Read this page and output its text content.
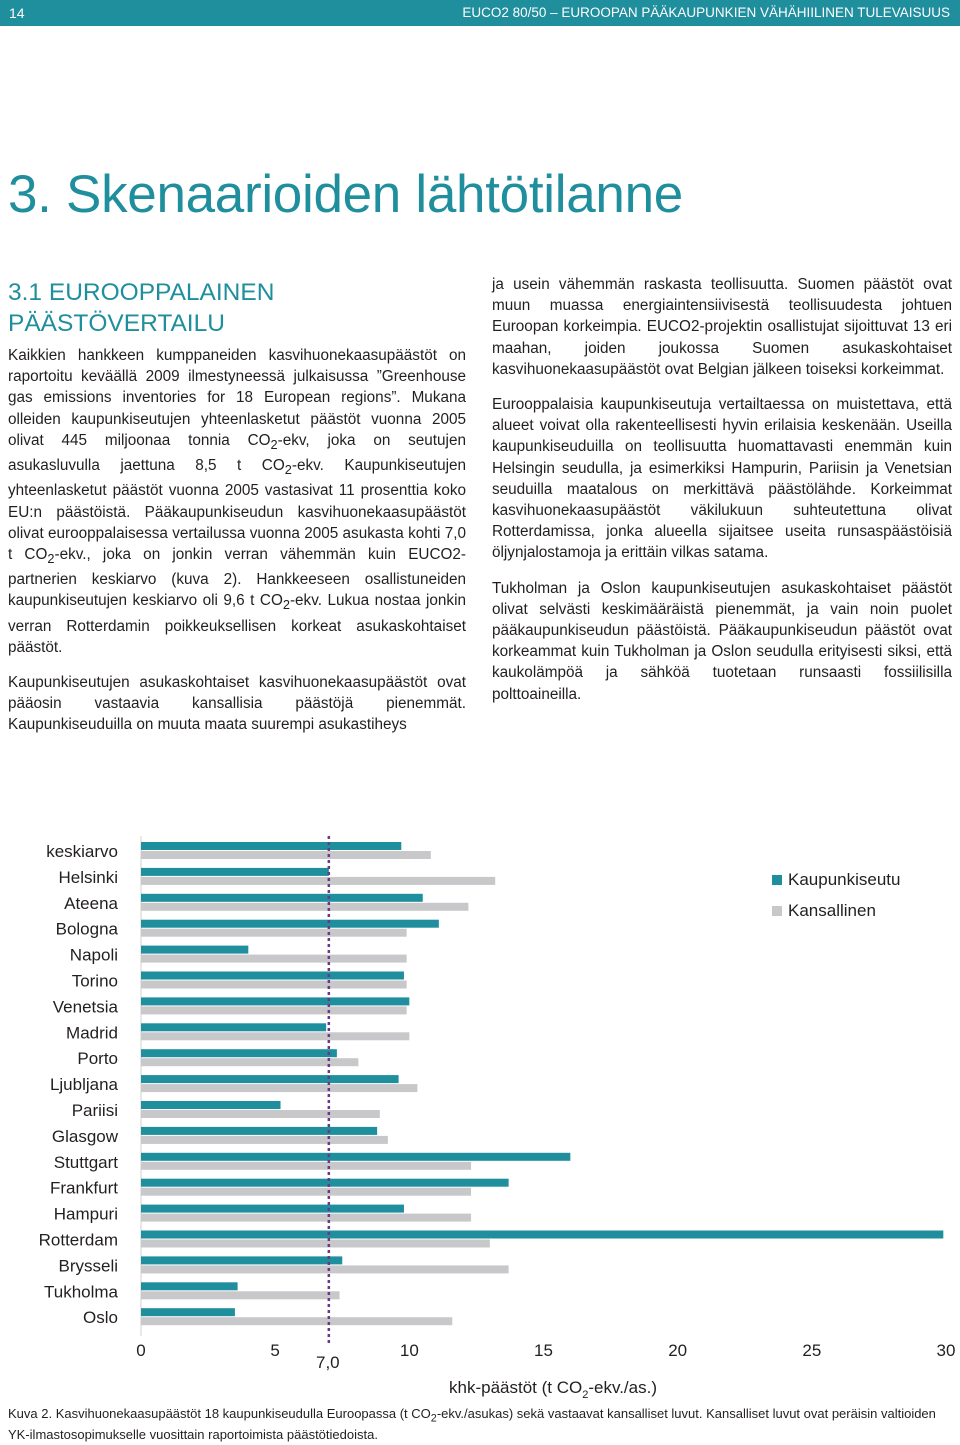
14	EUCO2 80/50 – EUROOPAN PÄÄKAUPUNKIEN VÄHÄHIILINEN TULEVAISUUS
3. Skenaarioiden lähtötilanne
3.1 EUROOPPALAINEN
PÄÄSTÖVERTAILU

Kaikkien hankkeen kumppaneiden kasvihuonekaasupäästöt on raportoitu keväällä 2009 ilmestyneessä julkaisussa ”Greenhouse gas emissions inventories for 18 European regions”. Mukana olleiden kaupunkiseutujen yhteenlasketut päästöt vuonna 2005 olivat 445 miljoonaa tonnia $CO_2$-ekv, joka on seutujen asukasluvulla jaettuna 8,5 t $CO_2$-ekv. Kaupunkiseutujen yhteenlasketut päästöt vuonna 2005 vastasivat 11 prosenttia koko EU:n päästöistä. Pääkaupunkiseudun kasvihuonekaasupäästöt olivat eurooppalaisessa vertailussa vuonna 2005 asukasta kohti 7,0 t $CO_2$-ekv., joka on jonkin verran vähemmän kuin EUCO2-partnerien keskiarvo (kuva 2). Hankkeeseen osallistuneiden kaupunkiseutujen keskiarvo oli 9,6 t $CO_2$-ekv. Lukua nostaa jonkin verran Rotterdamin poikkeuksellisen korkeat asukaskohtaiset päästöt.

Kaupunkiseutujen asukaskohtaiset kasvihuonekaasupäästöt ovat pääosin vastaavia kansallisia päästöjä pienemmät. Kaupunkiseuduilla on muuta maata suurempi asukastiheys

ja usein vähemmän raskasta teollisuutta. Suomen päästöt ovat muun muassa energiaintensiivisestä teollisuudesta johtuen Euroopan korkeimpia. EUCO2-projektin osallistujat sijoittuvat 13 eri maahan, joiden joukossa Suomen asukaskohtaiset kasvihuonekaasupäästöt ovat Belgian jälkeen toiseksi korkeimmat.

Eurooppalaisia kaupunkiseutuja vertailtaessa on muistettava, että alueet voivat olla rakenteellisesti hyvin erilaisia keskenään. Useilla kaupunkiseuduilla on teollisuutta huomattavasti enemmän kuin Helsingin seudulla, ja esimerkiksi Hampurin, Pariisin ja Venetsian seuduilla maatalous on merkittävä päästölähde. Korkeimmat kasvihuonekaasupäästöt väkilukuun suhteutettuna olivat Rotterdamissa, jonka alueella sijaitsee useita runsaspäästöisiä öljynjalostamoja ja erittäin vilkas satama.

Tukholman ja Oslon kaupunkiseutujen asukaskohtaiset päästöt olivat selvästi keskimääräistä pienemmät, ja vain noin puolet pääkaupunkiseudun päästöistä. Pääkaupunkiseudun päästöt ovat korkeammat kuin Tukholman ja Oslon seudulla erityisesti siksi, että kaukolämpöä ja sähköä tuotetaan runsaasti fossiilisilla polttoaineilla.

keskiarvo
Helsinki
Ateena
Bologna
Napoli
Torino
Venetsia
Madrid
Porto
Ljubljana
Pariisi
Glasgow
Stuttgart
Frankfurt
Hampuri
Rotterdam
Brysseli
Tukholma
Oslo
7,0
0	5	10	15	20	25	30
khk-päästöt (t $CO_2-ekv./as$.)
Kaupunkiseutu
Kansallinen
Kuva 2. Kasvihuonekaasupäästöt 18 kaupunkiseudulla Euroopassa (t $CO_2-ekv./asukas$) sekä vastaavat kansalliset luvut. Kansalliset luvut ovat peräisin valtioiden YK-ilmastosopimukselle vuosittain raportoimista päästötiedoista.
